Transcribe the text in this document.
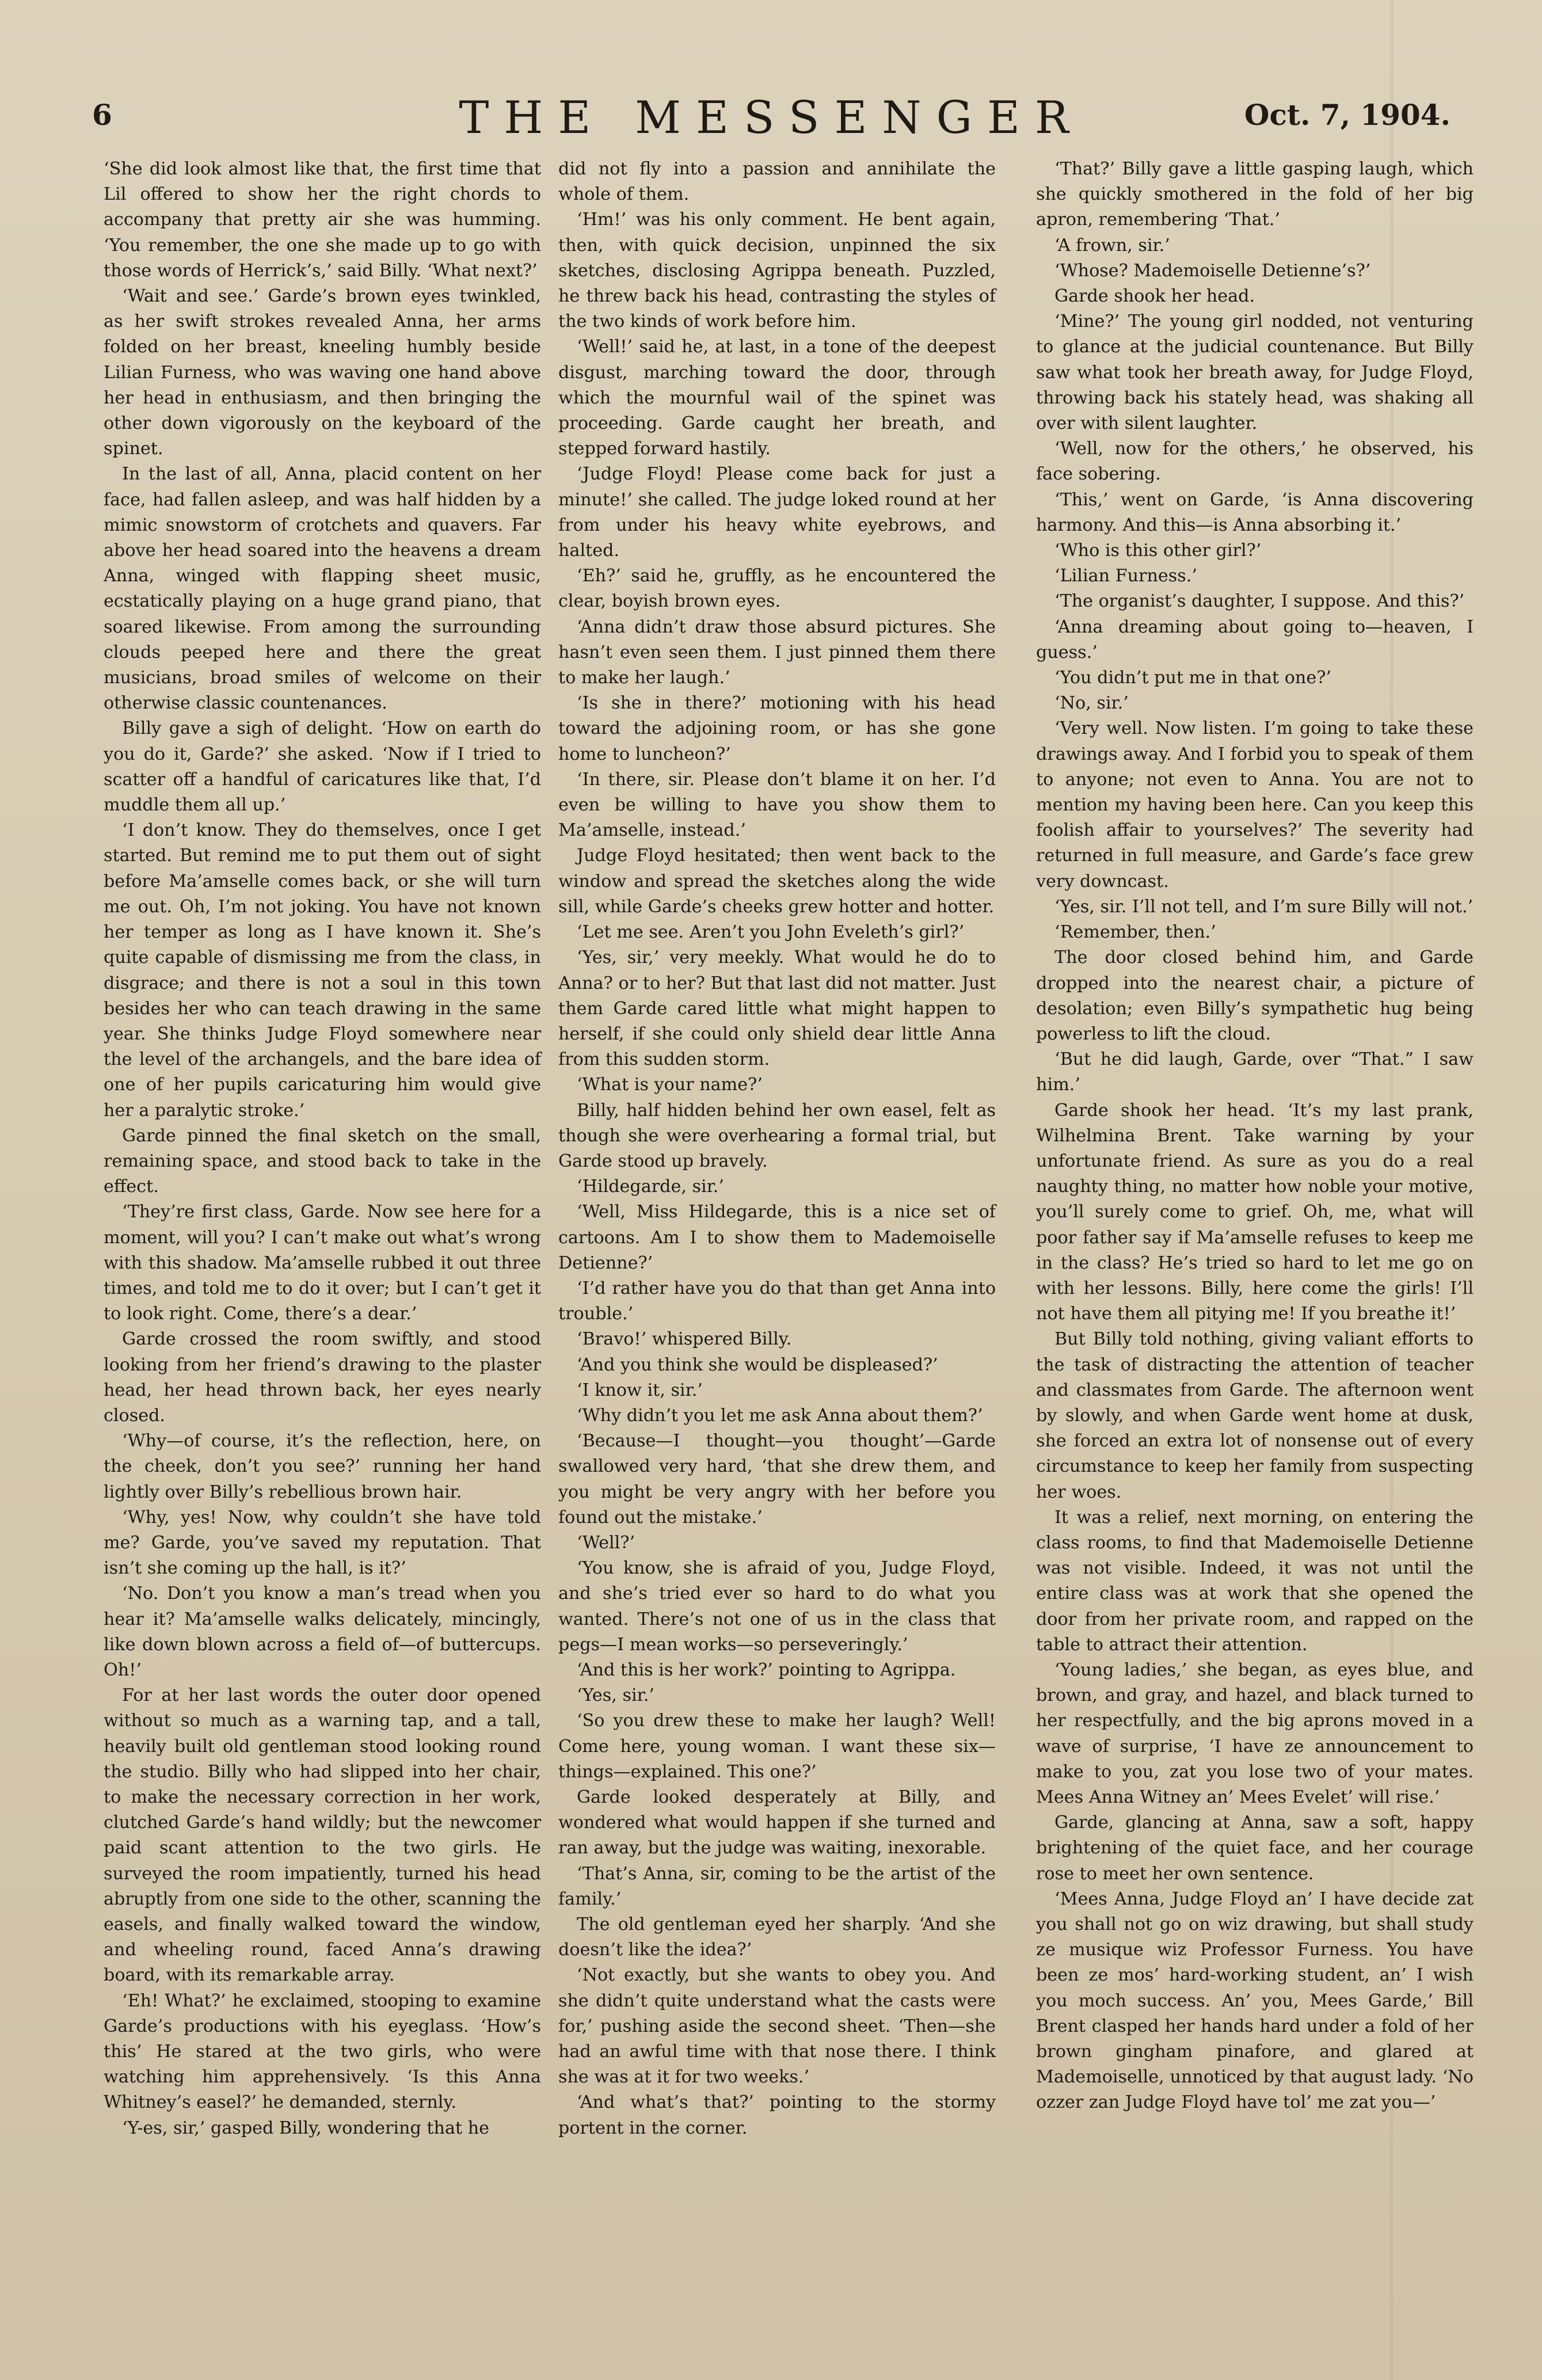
6	THE MESSENGER	Oct. 7, 1904.

‘She did look almost like that, the first time that Lil offered to show her the right chords to accompany that pretty air she was humming. ‘You remember, the one she made up to go with those words of Herrick’s,’ said Billy. ‘What next?’

‘Wait and see.’ Garde’s brown eyes twinkled, as her swift strokes revealed Anna, her arms folded on her breast, kneeling humbly beside Lilian Furness, who was waving one hand above her head in enthusiasm, and then bringing the other down vigorously on the keyboard of the spinet.

In the last of all, Anna, placid content on her face, had fallen asleep, and was half hidden by a mimic snowstorm of crotchets and quavers. Far above her head soared into the heavens a dream Anna, winged with flapping sheet music, ecstatically playing on a huge grand piano, that soared likewise. From among the surrounding clouds peeped here and there the great musicians, broad smiles of welcome on their otherwise classic countenances.

Billy gave a sigh of delight. ‘How on earth do you do it, Garde?’ she asked. ‘Now if I tried to scatter off a handful of caricatures like that, I’d muddle them all up.’

‘I don’t know. They do themselves, once I get started. But remind me to put them out of sight before Ma’amselle comes back, or she will turn me out. Oh, I’m not joking. You have not known her temper as long as I have known it. She’s quite capable of dismissing me from the class, in disgrace; and there is not a soul in this town besides her who can teach drawing in the same year. She thinks Judge Floyd somewhere near the level of the archangels, and the bare idea of one of her pupils caricaturing him would give her a paralytic stroke.’

Garde pinned the final sketch on the small, remaining space, and stood back to take in the effect.

‘They’re first class, Garde. Now see here for a moment, will you? I can’t make out what’s wrong with this shadow. Ma’amselle rubbed it out three times, and told me to do it over; but I can’t get it to look right. Come, there’s a dear.’

Garde crossed the room swiftly, and stood looking from her friend’s drawing to the plaster head, her head thrown back, her eyes nearly closed.

‘Why—of course, it’s the reflection, here, on the cheek, don’t you see?’ running her hand lightly over Billy’s rebellious brown hair.

‘Why, yes! Now, why couldn’t she have told me? Garde, you’ve saved my reputation. That isn’t she coming up the hall, is it?’

‘No. Don’t you know a man’s tread when you hear it? Ma’amselle walks delicately, mincingly, like down blown across a field of—of buttercups. Oh!’

For at her last words the outer door opened without so much as a warning tap, and a tall, heavily built old gentleman stood looking round the studio. Billy who had slipped into her chair, to make the necessary correction in her work, clutched Garde’s hand wildly; but the newcomer paid scant attention to the two girls. He surveyed the room impatiently, turned his head abruptly from one side to the other, scanning the easels, and finally walked toward the window, and wheeling round, faced Anna’s drawing board, with its remarkable array.

‘Eh! What?’ he exclaimed, stooping to examine Garde’s productions with his eyeglass. ‘How’s this’ He stared at the two girls, who were watching him apprehensively. ‘Is this Anna Whitney’s easel?’ he demanded, sternly.

‘Y-es, sir,’ gasped Billy, wondering that he

did not fly into a passion and annihilate the whole of them.

‘Hm!’ was his only comment. He bent again, then, with quick decision, unpinned the six sketches, disclosing Agrippa beneath. Puzzled, he threw back his head, contrasting the styles of the two kinds of work before him.

‘Well!’ said he, at last, in a tone of the deepest disgust, marching toward the door, through which the mournful wail of the spinet was proceeding. Garde caught her breath, and stepped forward hastily.

‘Judge Floyd! Please come back for just a minute!’ she called. The judge loked round at her from under his heavy white eyebrows, and halted.

‘Eh?’ said he, gruffly, as he encountered the clear, boyish brown eyes.

‘Anna didn’t draw those absurd pictures. She hasn’t even seen them. I just pinned them there to make her laugh.’

‘Is she in there?’ motioning with his head toward the adjoining room, or has she gone home to luncheon?’

‘In there, sir. Please don’t blame it on her. I’d even be willing to have you show them to Ma’amselle, instead.’

Judge Floyd hesitated; then went back to the window and spread the sketches along the wide sill, while Garde’s cheeks grew hotter and hotter.

‘Let me see. Aren’t you John Eveleth’s girl?’

‘Yes, sir,’ very meekly. What would he do to Anna? or to her? But that last did not matter. Just them Garde cared little what might happen to herself, if she could only shield dear little Anna from this sudden storm.

‘What is your name?’

Billy, half hidden behind her own easel, felt as though she were overhearing a formal trial, but Garde stood up bravely.

‘Hildegarde, sir.’

‘Well, Miss Hildegarde, this is a nice set of cartoons. Am I to show them to Mademoiselle Detienne?’

‘I’d rather have you do that than get Anna into trouble.’

‘Bravo!’ whispered Billy.

‘And you think she would be displeased?’

‘I know it, sir.’

‘Why didn’t you let me ask Anna about them?’

‘Because—I thought—you thought’—Garde swallowed very hard, ‘that she drew them, and you might be very angry with her before you found out the mistake.’

‘Well?’

‘You know, she is afraid of you, Judge Floyd, and she’s tried ever so hard to do what you wanted. There’s not one of us in the class that pegs—I mean works—so perseveringly.’

‘And this is her work?’ pointing to Agrippa.

‘Yes, sir.’

‘So you drew these to make her laugh? Well! Come here, young woman. I want these six—things—explained. This one?’

Garde looked desperately at Billy, and wondered what would happen if she turned and ran away, but the judge was waiting, inexorable.

‘That’s Anna, sir, coming to be the artist of the family.’

The old gentleman eyed her sharply. ‘And she doesn’t like the idea?’

‘Not exactly, but she wants to obey you. And she didn’t quite understand what the casts were for,’ pushing aside the second sheet. ‘Then—she had an awful time with that nose there. I think she was at it for two weeks.’

‘And what’s that?’ pointing to the stormy portent in the corner.

‘That?’ Billy gave a little gasping laugh, which she quickly smothered in the fold of her big apron, remembering ‘That.’

‘A frown, sir.’

‘Whose? Mademoiselle Detienne’s?’

Garde shook her head.

‘Mine?’ The young girl nodded, not venturing to glance at the judicial countenance. But Billy saw what took her breath away, for Judge Floyd, throwing back his stately head, was shaking all over with silent laughter.

‘Well, now for the others,’ he observed, his face sobering.

‘This,’ went on Garde, ‘is Anna discovering harmony. And this—is Anna absorbing it.’

‘Who is this other girl?’

‘Lilian Furness.’

‘The organist’s daughter, I suppose. And this?’

‘Anna dreaming about going to—heaven, I guess.’

‘You didn’t put me in that one?’

‘No, sir.’

‘Very well. Now listen. I’m going to take these drawings away. And I forbid you to speak of them to anyone; not even to Anna. You are not to mention my having been here. Can you keep this foolish affair to yourselves?’ The severity had returned in full measure, and Garde’s face grew very downcast.

‘Yes, sir. I’ll not tell, and I’m sure Billy will not.’

‘Remember, then.’

The door closed behind him, and Garde dropped into the nearest chair, a picture of desolation; even Billy’s sympathetic hug being powerless to lift the cloud.

‘But he did laugh, Garde, over “That.” I saw him.’

Garde shook her head. ‘It’s my last prank, Wilhelmina Brent. Take warning by your unfortunate friend. As sure as you do a real naughty thing, no matter how noble your motive, you’ll surely come to grief. Oh, me, what will poor father say if Ma’amselle refuses to keep me in the class? He’s tried so hard to let me go on with her lessons. Billy, here come the girls! I’ll not have them all pitying me! If you breathe it!’

But Billy told nothing, giving valiant efforts to the task of distracting the attention of teacher and classmates from Garde. The afternoon went by slowly, and when Garde went home at dusk, she forced an extra lot of nonsense out of every circumstance to keep her family from suspecting her woes.

It was a relief, next morning, on entering the class rooms, to find that Mademoiselle Detienne was not visible. Indeed, it was not until the entire class was at work that she opened the door from her private room, and rapped on the table to attract their attention.

‘Young ladies,’ she began, as eyes blue, and brown, and gray, and hazel, and black turned to her respectfully, and the big aprons moved in a wave of surprise, ‘I have ze announcement to make to you, zat you lose two of your mates. Mees Anna Witney an’ Mees Evelet’ will rise.’

Garde, glancing at Anna, saw a soft, happy brightening of the quiet face, and her courage rose to meet her own sentence.

‘Mees Anna, Judge Floyd an’ I have decide zat you shall not go on wiz drawing, but shall study ze musique wiz Professor Furness. You have been ze mos’ hard-working student, an’ I wish you moch success. An’ you, Mees Garde,’ Bill Brent clasped her hands hard under a fold of her brown gingham pinafore, and glared at Mademoiselle, unnoticed by that august lady. ‘No ozzer zan Judge Floyd have tol’ me zat you—’
